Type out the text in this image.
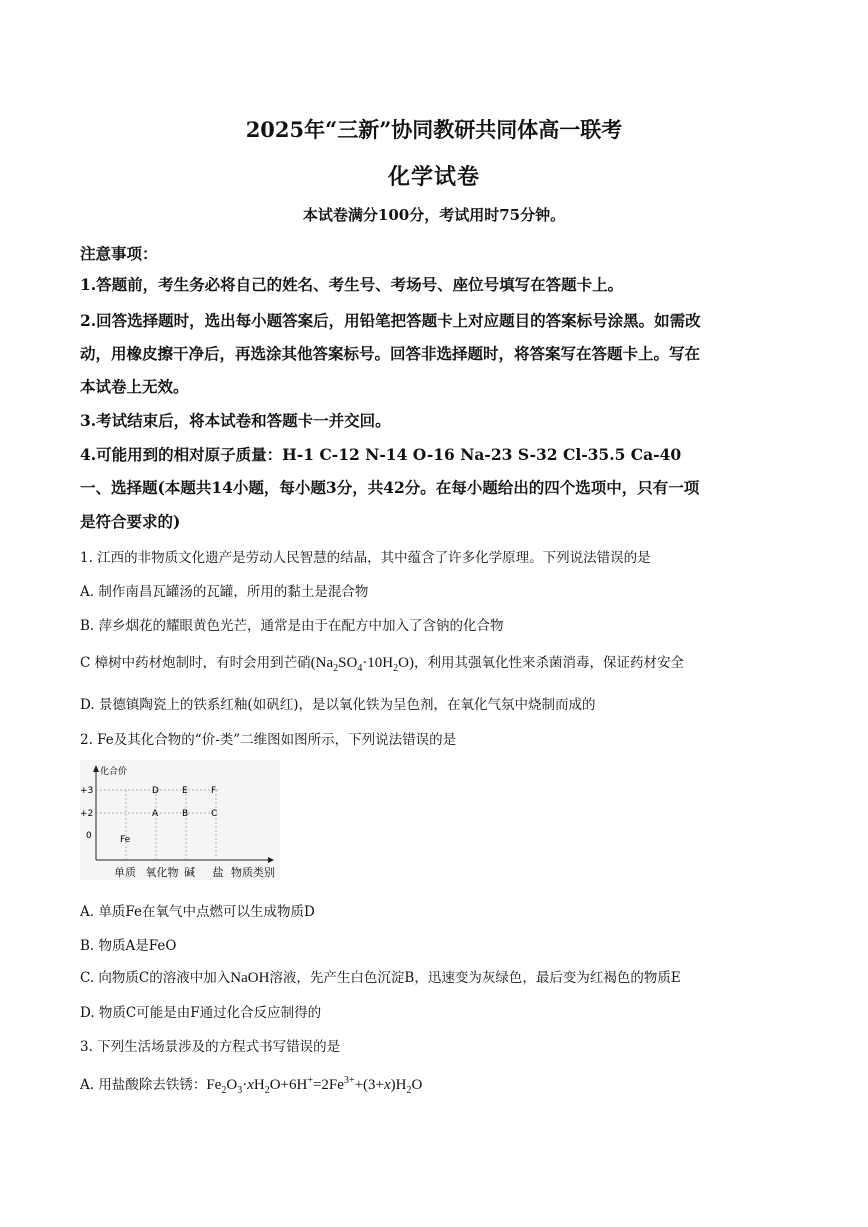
2025年“三新”协同教研共同体高一联考
化学试卷
本试卷满分100分，考试用时75分钟。
注意事项：
1.答题前，考生务必将自己的姓名、考生号、考场号、座位号填写在答题卡上。
2.回答选择题时，选出每小题答案后，用铅笔把答题卡上对应题目的答案标号涂黑。如需改
动，用橡皮擦干净后，再选涂其他答案标号。回答非选择题时，将答案写在答题卡上。写在
本试卷上无效。
3.考试结束后，将本试卷和答题卡一并交回。
4.可能用到的相对原子质量：H-1 C-12 N-14 O-16 Na-23 S-32 Cl-35.5 Ca-40
一、选择题(本题共14小题，每小题3分，共42分。在每小题给出的四个选项中，只有一项
是符合要求的)
1. 江西的非物质文化遗产是劳动人民智慧的结晶，其中蕴含了许多化学原理。下列说法错误的是
A. 制作南昌瓦罐汤的瓦罐，所用的黏土是混合物
B. 萍乡烟花的耀眼黄色光芒，通常是由于在配方中加入了含钠的化合物
C 樟树中药材炮制时，有时会用到芒硝$(Na_2SO_4\cdot 10H_2O)$，利用其强氧化性来杀菌消毒，保证药材安全
D. 景德镇陶瓷上的铁系红釉(如矾红)，是以氧化铁为呈色剂，在氧化气氛中烧制而成的
2. Fe及其化合物的“价-类”二维图如图所示，下列说法错误的是
化合价
+3
+2
0
D	E	F
A	B	C
Fe
单质 氧化物 碱 盐 物质类别
A. 单质Fe在氧气中点燃可以生成物质D
B. 物质A是FeO
C. 向物质C的溶液中加入NaOH溶液，先产生白色沉淀B，迅速变为灰绿色，最后变为红褐色的物质E
D. 物质C可能是由F通过化合反应制得的
3. 下列生活场景涉及的方程式书写错误的是
A. 用盐酸除去铁锈：$Fe_2O_3\cdot xH_2O+6H^+=2Fe^{3+}+(3+x)H_2O$
